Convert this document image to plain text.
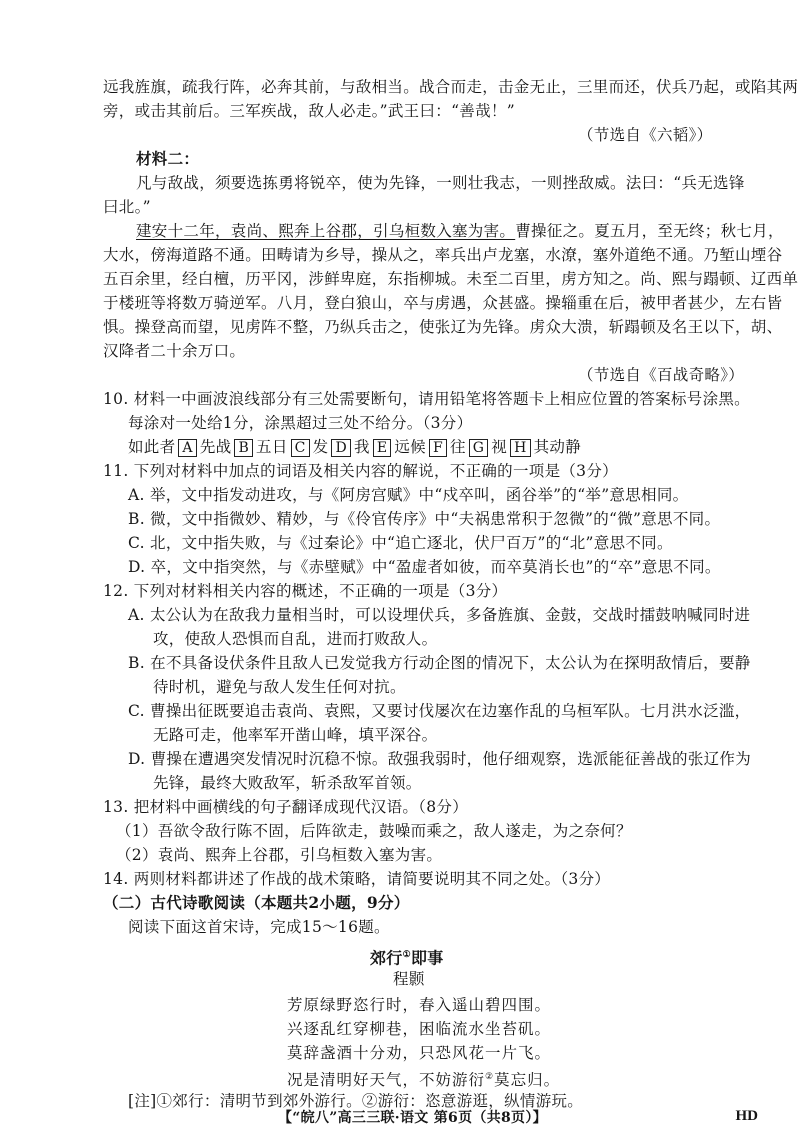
远我旌旗，疏我行阵，必奔其前，与敌相当。战合而走，击金无止，三里而还，伏兵乃起，或陷其两
旁，或击其前后。三军疾战，敌人必走。”武王曰：“善哉！”
（节选自《六韬》）
材料二：
凡与敌战，须要选拣勇将锐卒，使为先锋，一则壮我志，一则挫敌威。法曰：“兵无选锋
曰北。”
建安十二年，袁尚、熙奔上谷郡，引乌桓数入塞为害。曹操征之。夏五月，至无终；秋七月，
大水，傍海道路不通。田畴请为乡导，操从之，率兵出卢龙塞，水潦，塞外道绝不通。乃堑山堙谷
五百余里，经白檀，历平冈，涉鲜卑庭，东指柳城。未至二百里，虏方知之。尚、熙与蹋顿、辽西单
于楼班等将数万骑逆军。八月，登白狼山，卒与虏遇，众甚盛。操辎重在后，被甲者甚少，左右皆
惧。操登高而望，见虏阵不整，乃纵兵击之，使张辽为先锋。虏众大溃，斩蹋顿及名王以下，胡、
汉降者二十余万口。
（节选自《百战奇略》）
10. 材料一中画波浪线部分有三处需要断句，请用铅笔将答题卡上相应位置的答案标号涂黑。
每涂对一处给1分，涂黑超过三处不给分。（3分）
如此者 A 先战 B 五日 C 发 D 我 E 远候 F 往 G 视 H 其动静
11. 下列对材料中加点的词语及相关内容的解说，不正确的一项是（3分）
A. 举，文中指发动进攻，与《阿房宫赋》中“戍卒叫，函谷举”的“举”意思相同。
B. 微，文中指微妙、精妙，与《伶官传序》中“夫祸患常积于忽微”的“微”意思不同。
C. 北，文中指失败，与《过秦论》中“追亡逐北，伏尸百万”的“北”意思不同。
D. 卒，文中指突然，与《赤壁赋》中“盈虚者如彼，而卒莫消长也”的“卒”意思不同。
12. 下列对材料相关内容的概述，不正确的一项是（3分）
A. 太公认为在敌我力量相当时，可以设埋伏兵，多备旌旗、金鼓，交战时擂鼓呐喊同时进
攻，使敌人恐惧而自乱，进而打败敌人。
B. 在不具备设伏条件且敌人已发觉我方行动企图的情况下，太公认为在探明敌情后，要静
待时机，避免与敌人发生任何对抗。
C. 曹操出征既要追击袁尚、袁熙，又要讨伐屡次在边塞作乱的乌桓军队。七月洪水泛滥，
无路可走，他率军开凿山峰，填平深谷。
D. 曹操在遭遇突发情况时沉稳不惊。敌强我弱时，他仔细观察，选派能征善战的张辽作为
先锋，最终大败敌军，斩杀敌军首领。
13. 把材料中画横线的句子翻译成现代汉语。（8分）
（1）吾欲令敌行陈不固，后阵欲走，鼓噪而乘之，敌人遂走，为之奈何？
（2）袁尚、熙奔上谷郡，引乌桓数入塞为害。
14. 两则材料都讲述了作战的战术策略，请简要说明其不同之处。（3分）
（二）古代诗歌阅读（本题共2小题，9分）
阅读下面这首宋诗，完成15～16题。
郊行①即事
程颢
芳原绿野恣行时，春入遥山碧四围。
兴逐乱红穿柳巷，困临流水坐苔矶。
莫辞盏酒十分劝，只恐风花一片飞。
况是清明好天气，不妨游衍②莫忘归。
[注]①郊行：清明节到郊外游行。②游衍：恣意游逛，纵情游玩。
【“皖八”高三三联·语文 第6页（共8页）】	HD
